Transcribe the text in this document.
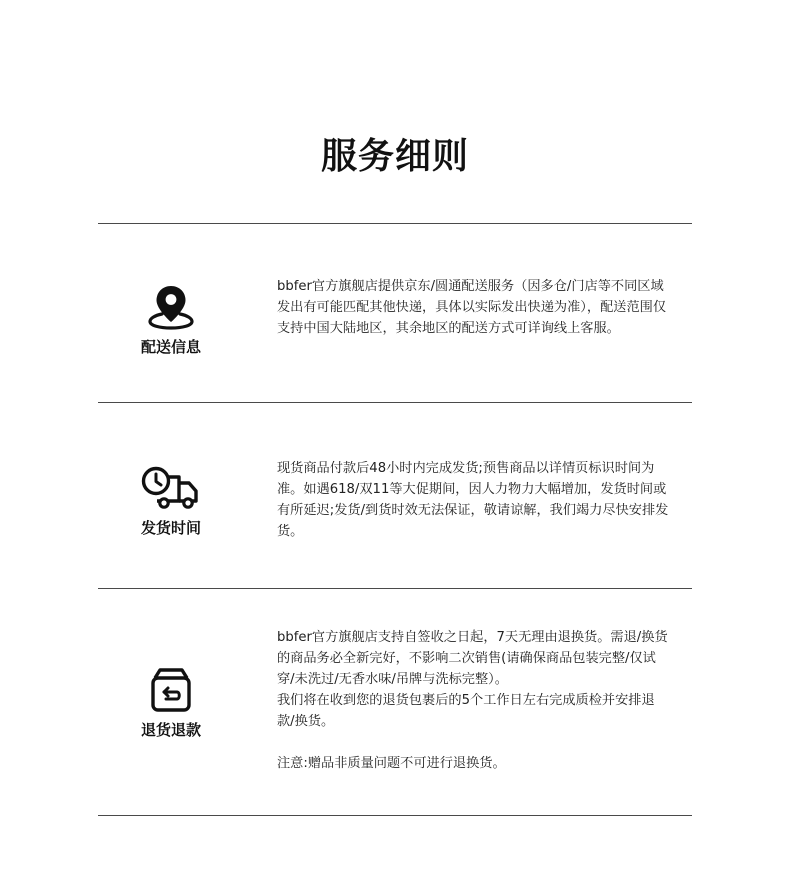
服务细则
配送信息

bbfer官方旗舰店提供京东/圆通配送服务（因多仓/门店等不同区域发出有可能匹配其他快递，具体以实际发出快递为准），配送范围仅支持中国大陆地区，其余地区的配送方式可详询线上客服。

发货时间

现货商品付款后48小时内完成发货;预售商品以详情页标识时间为准。如遇618/双11等大促期间，因人力物力大幅增加，发货时间或有所延迟;发货/到货时效无法保证，敬请谅解，我们竭力尽快安排发货。

退货退款

bbfer官方旗舰店支持自签收之日起，7天无理由退换货。需退/换货的商品务必全新完好，不影响二次销售(请确保商品包装完整/仅试穿/未洗过/无香水味/吊牌与洗标完整）。

我们将在收到您的退货包裹后的5个工作日左右完成质检并安排退款/换货。

注意:赠品非质量问题不可进行退换货。
